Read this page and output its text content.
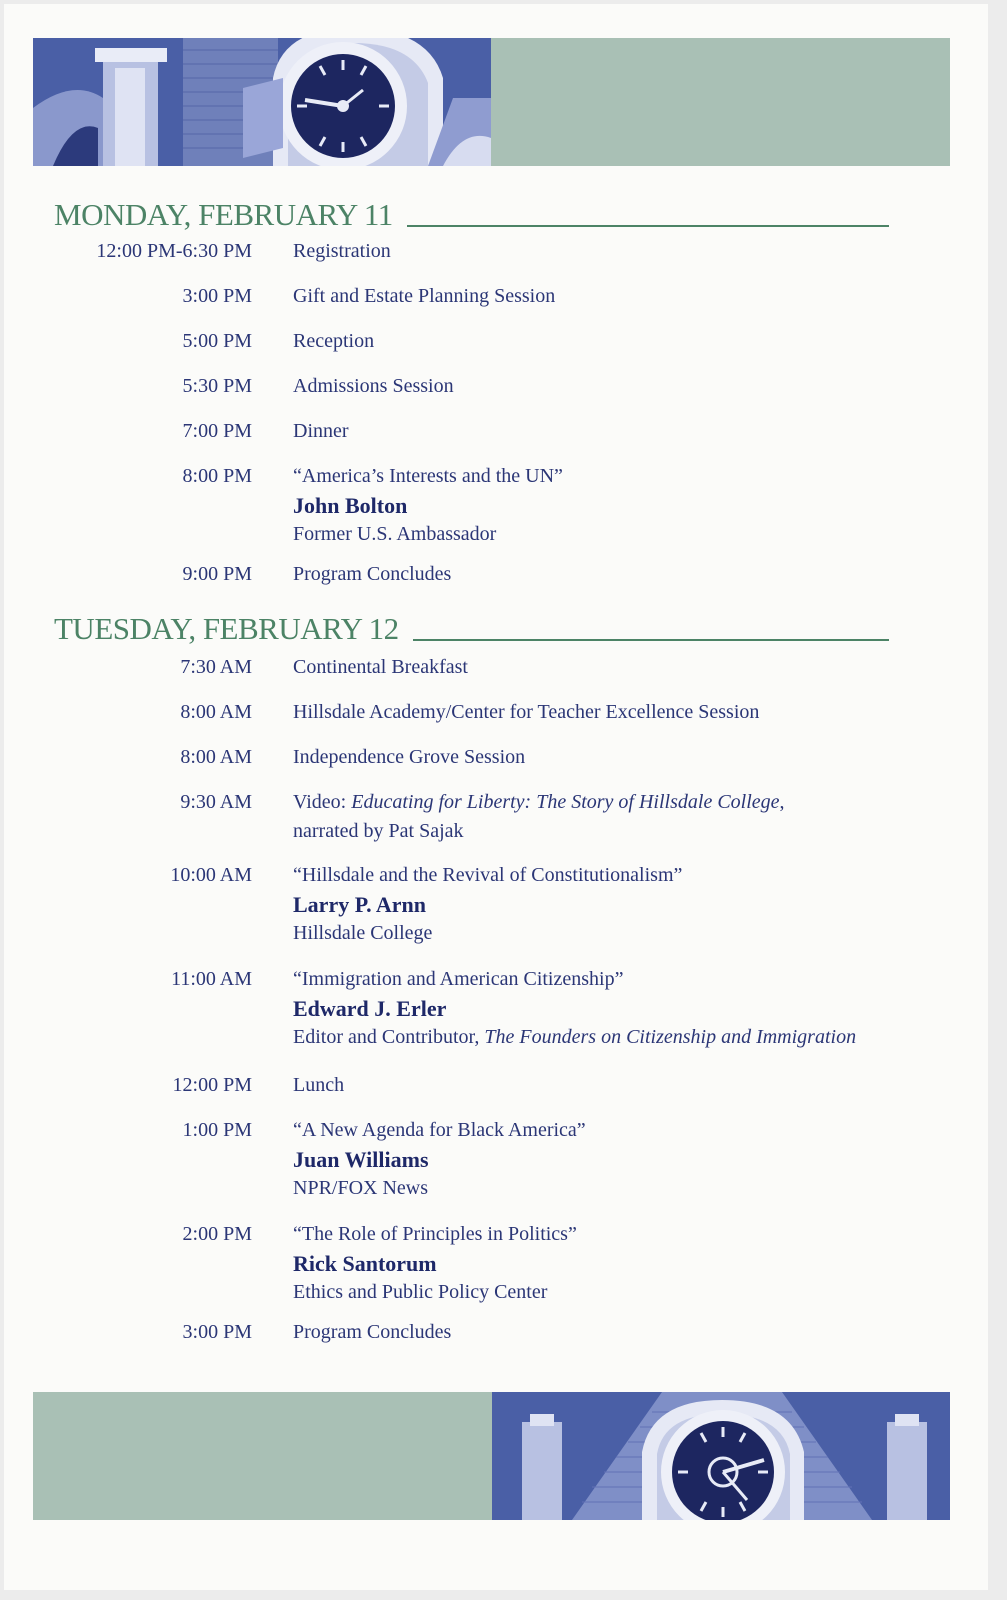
MONDAY, FEBRUARY 11
12:00 PM-6:30 PM Registration
3:00 PM Gift and Estate Planning Session
5:00 PM Reception
5:30 PM Admissions Session
7:00 PM Dinner
8:00 PM “America’s Interests and the UN”
John Bolton
Former U.S. Ambassador
9:00 PM Program Concludes
TUESDAY, FEBRUARY 12
7:30 AM Continental Breakfast
8:00 AM Hillsdale Academy/Center for Teacher Excellence Session
8:00 AM Independence Grove Session
9:30 AM Video: Educating for Liberty: The Story of Hillsdale College,
narrated by Pat Sajak
10:00 AM “Hillsdale and the Revival of Constitutionalism”
Larry P. Arnn
Hillsdale College
11:00 AM “Immigration and American Citizenship”
Edward J. Erler
Editor and Contributor, The Founders on Citizenship and Immigration
12:00 PM Lunch
1:00 PM “A New Agenda for Black America”
Juan Williams
NPR/FOX News
2:00 PM “The Role of Principles in Politics”
Rick Santorum
Ethics and Public Policy Center
3:00 PM Program Concludes
